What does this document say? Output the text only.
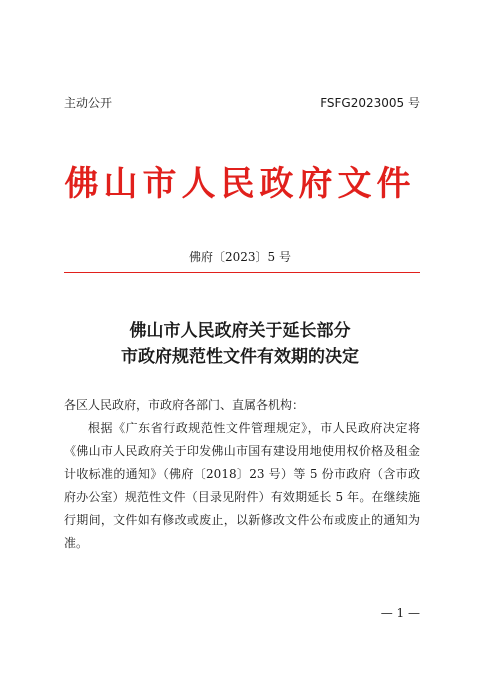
主动公开	FSFG2023005 号
佛山市人民政府文件
佛府〔2023〕5 号
佛山市人民政府关于延长部分
市政府规范性文件有效期的决定

各区人民政府，市政府各部门、直属各机构：

根据《广东省行政规范性文件管理规定》，市人民政府决定将《佛山市人民政府关于印发佛山市国有建设用地使用权价格及租金计收标准的通知》（佛府〔2018〕23 号）等 5 份市政府（含市政府办公室）规范性文件（目录见附件）有效期延长 5 年。在继续施行期间，文件如有修改或废止，以新修改文件公布或废止的通知为准。

— 1 —
